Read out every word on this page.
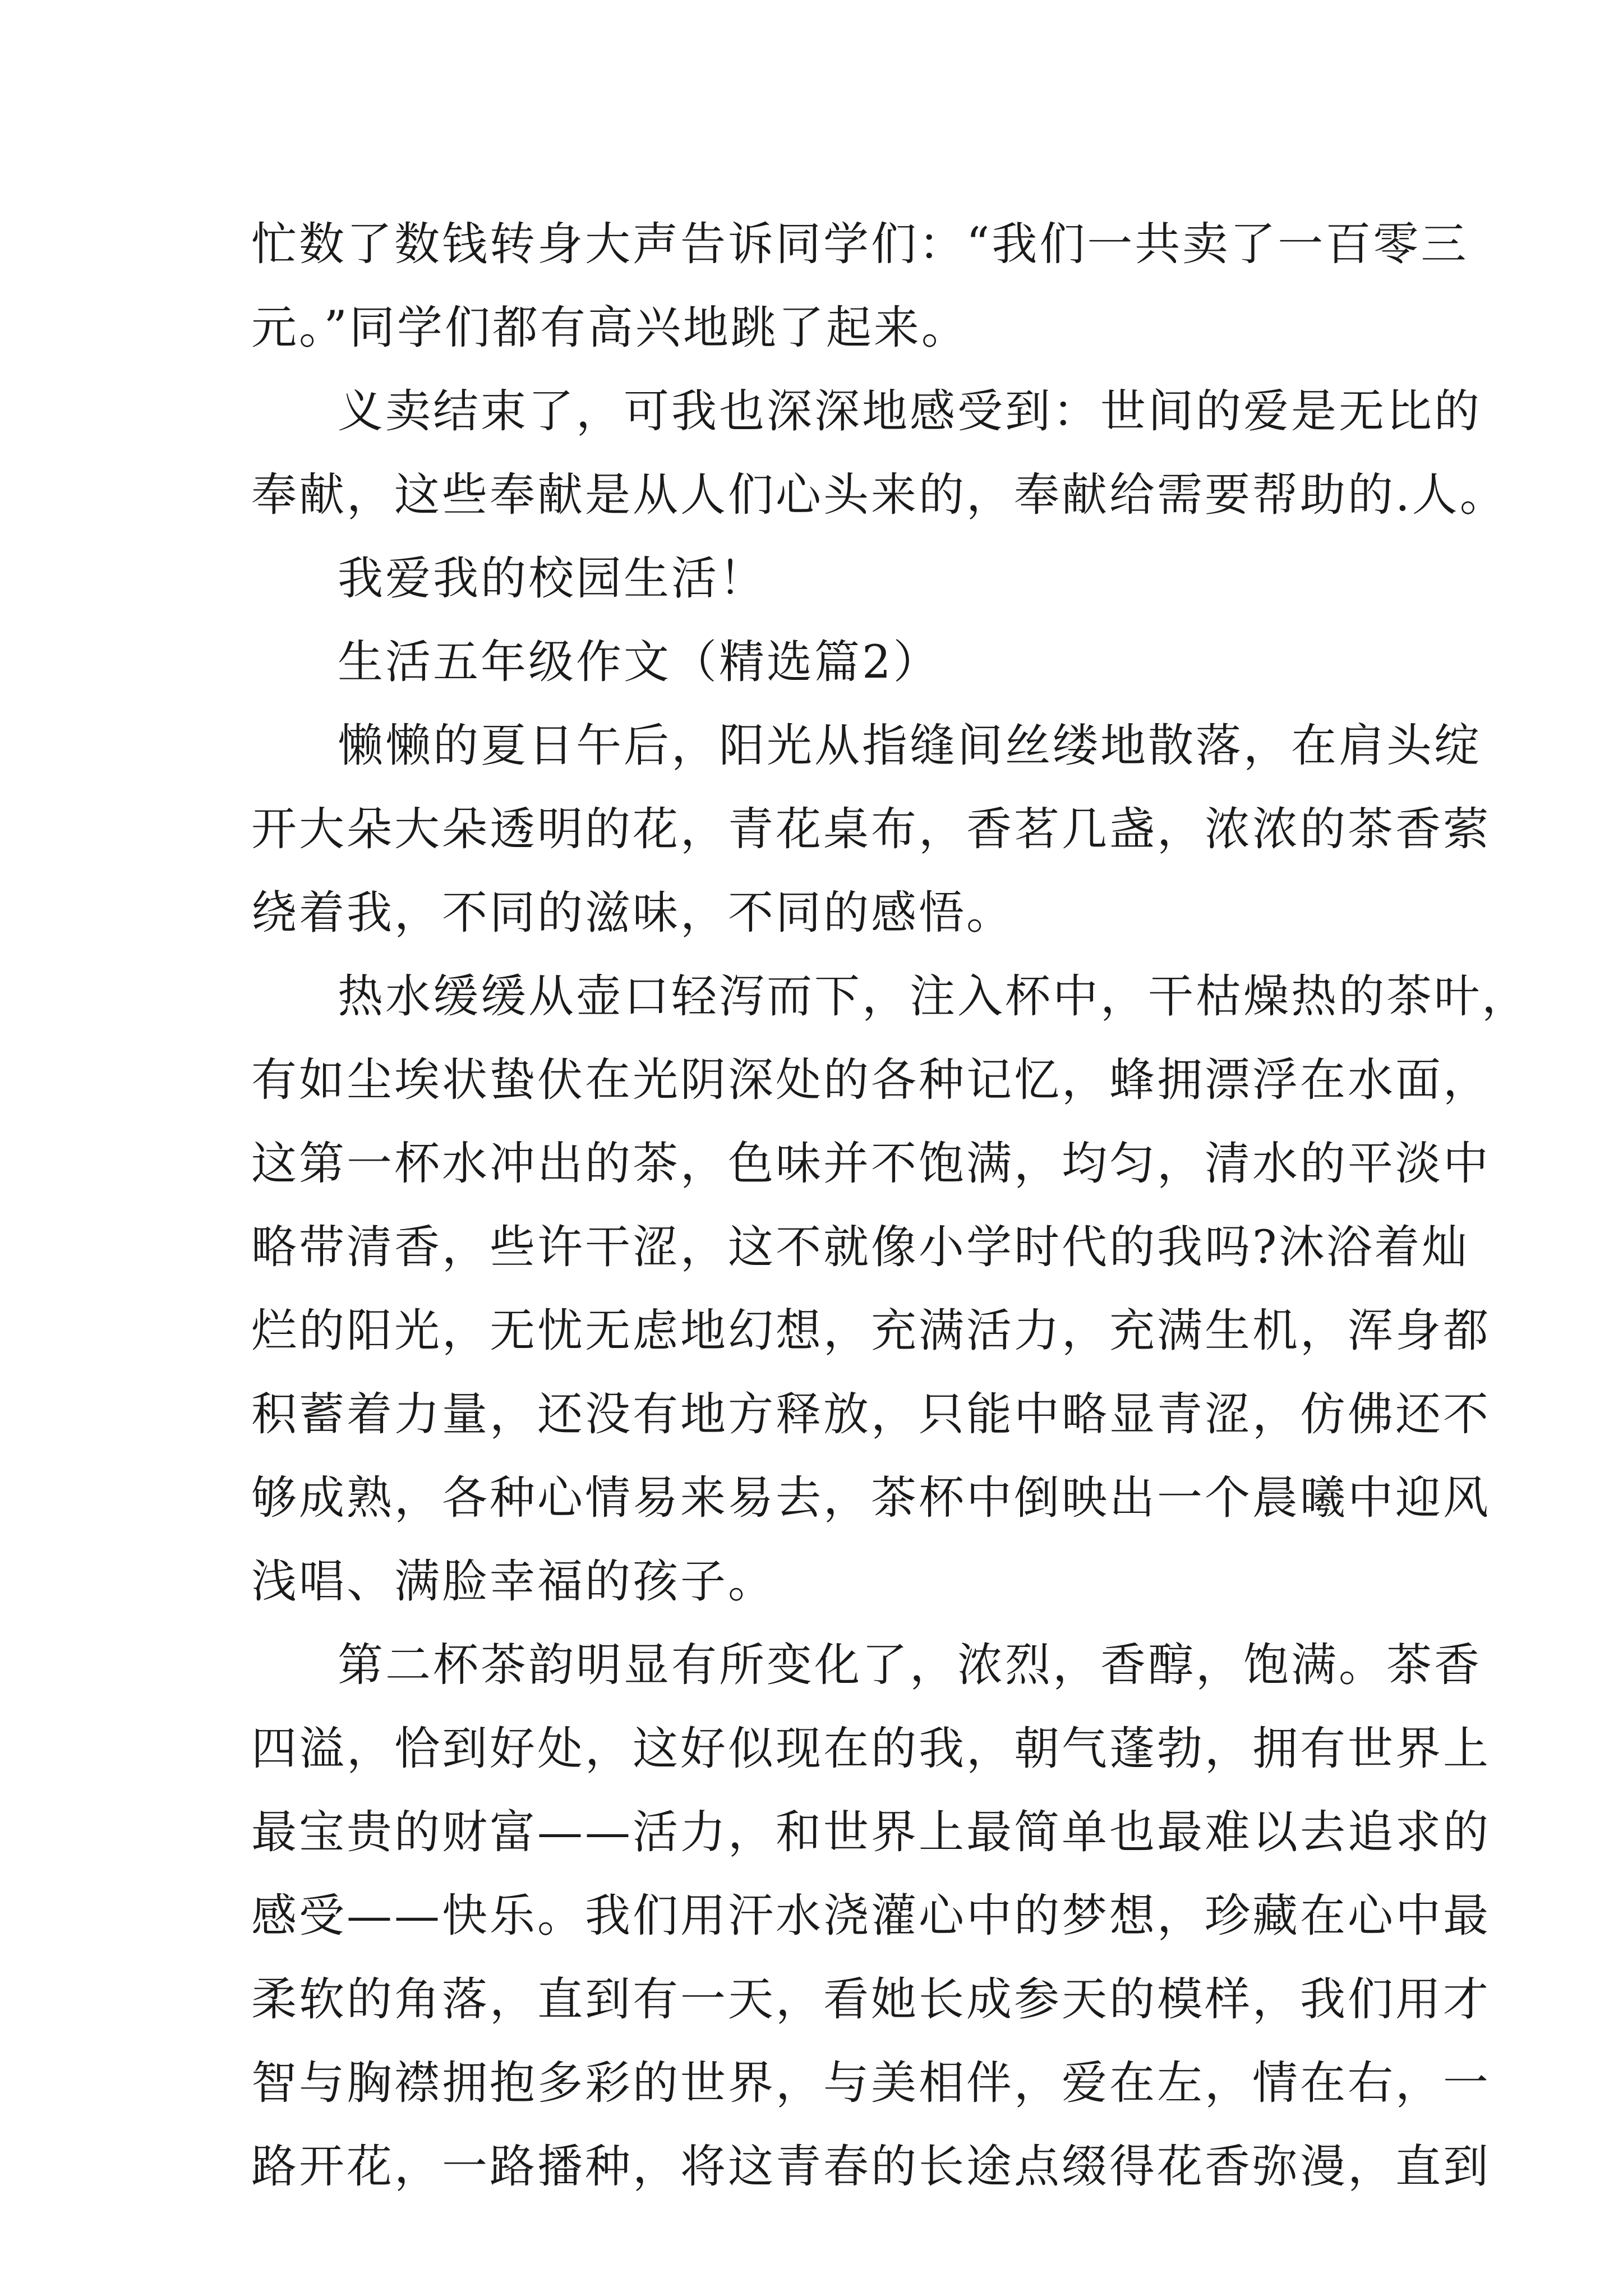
忙数了数钱转身大声告诉同学们：“我们一共卖了一百零三
元。”同学们都有高兴地跳了起来。
义卖结束了，可我也深深地感受到：世间的爱是无比的
奉献，这些奉献是从人们心头来的，奉献给需要帮助的.人。
我爱我的校园生活！
生活五年级作文（精选篇2）
懒懒的夏日午后，阳光从指缝间丝缕地散落，在肩头绽
开大朵大朵透明的花，青花桌布，香茗几盏，浓浓的茶香萦
绕着我，不同的滋味，不同的感悟。
热水缓缓从壶口轻泻而下，注入杯中，干枯燥热的茶叶，
有如尘埃状蛰伏在光阴深处的各种记忆，蜂拥漂浮在水面，
这第一杯水冲出的茶，色味并不饱满，均匀，清水的平淡中
略带清香，些许干涩，这不就像小学时代的我吗?沐浴着灿
烂的阳光，无忧无虑地幻想，充满活力，充满生机，浑身都
积蓄着力量，还没有地方释放，只能中略显青涩，仿佛还不
够成熟，各种心情易来易去，茶杯中倒映出一个晨曦中迎风
浅唱、满脸幸福的孩子。
第二杯茶韵明显有所变化了，浓烈，香醇，饱满。茶香
四溢，恰到好处，这好似现在的我，朝气蓬勃，拥有世界上
最宝贵的财富——活力，和世界上最简单也最难以去追求的
感受——快乐。我们用汗水浇灌心中的梦想，珍藏在心中最
柔软的角落，直到有一天，看她长成参天的模样，我们用才
智与胸襟拥抱多彩的世界，与美相伴，爱在左，情在右，一
路开花，一路播种，将这青春的长途点缀得花香弥漫，直到
